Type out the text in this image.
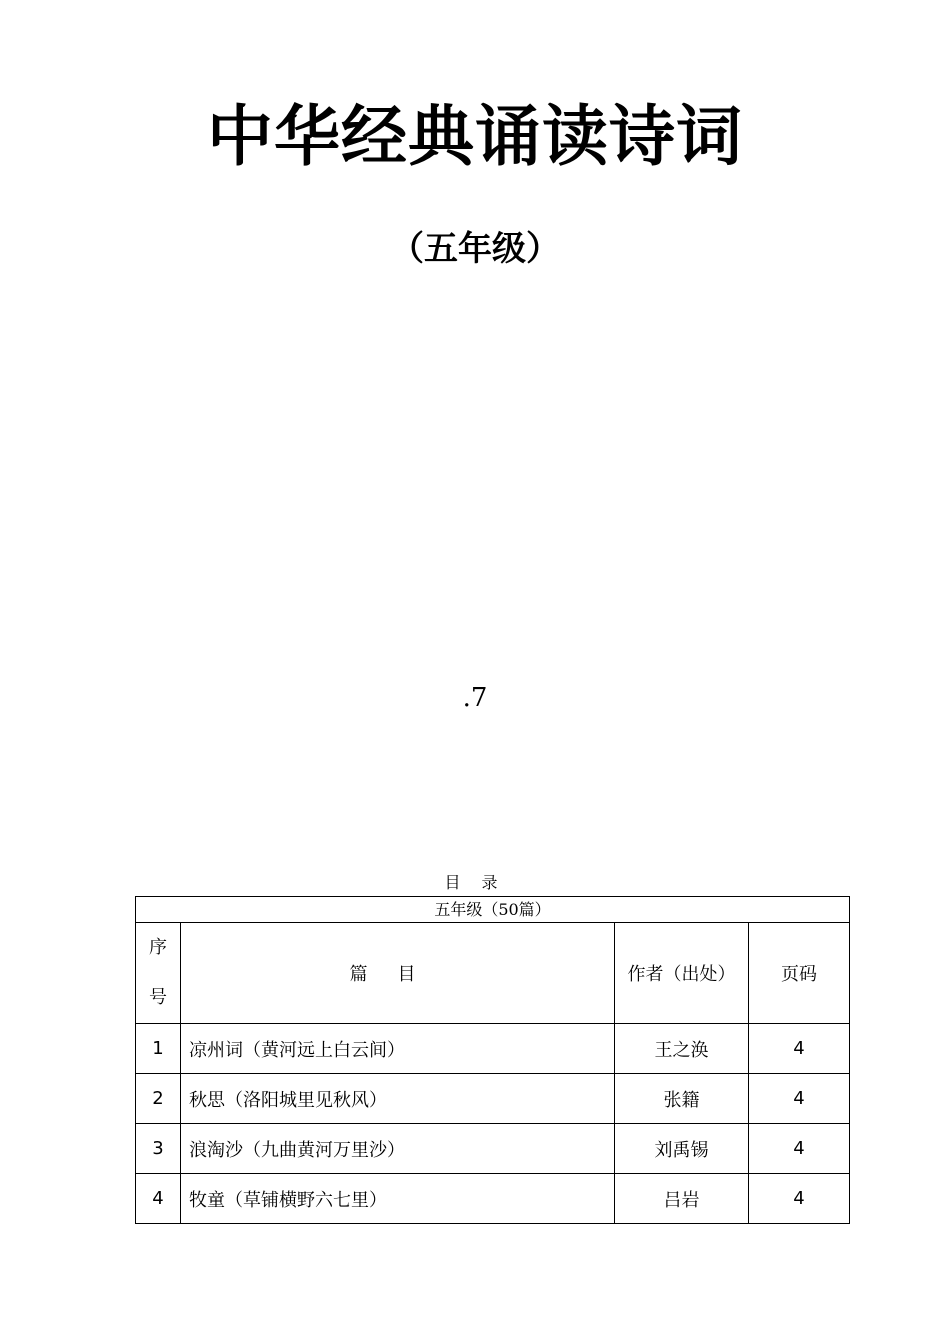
中华经典诵读诗词
（五年级）
.7
目 录
五年级（50篇）			

序
号	篇目	作者（出处）	页码
1	凉州词（黄河远上白云间）	王之涣	4
2	秋思（洛阳城里见秋风）	张籍	4
3	浪淘沙（九曲黄河万里沙）	刘禹锡	4
4	牧童（草铺横野六七里）	吕岩	4
